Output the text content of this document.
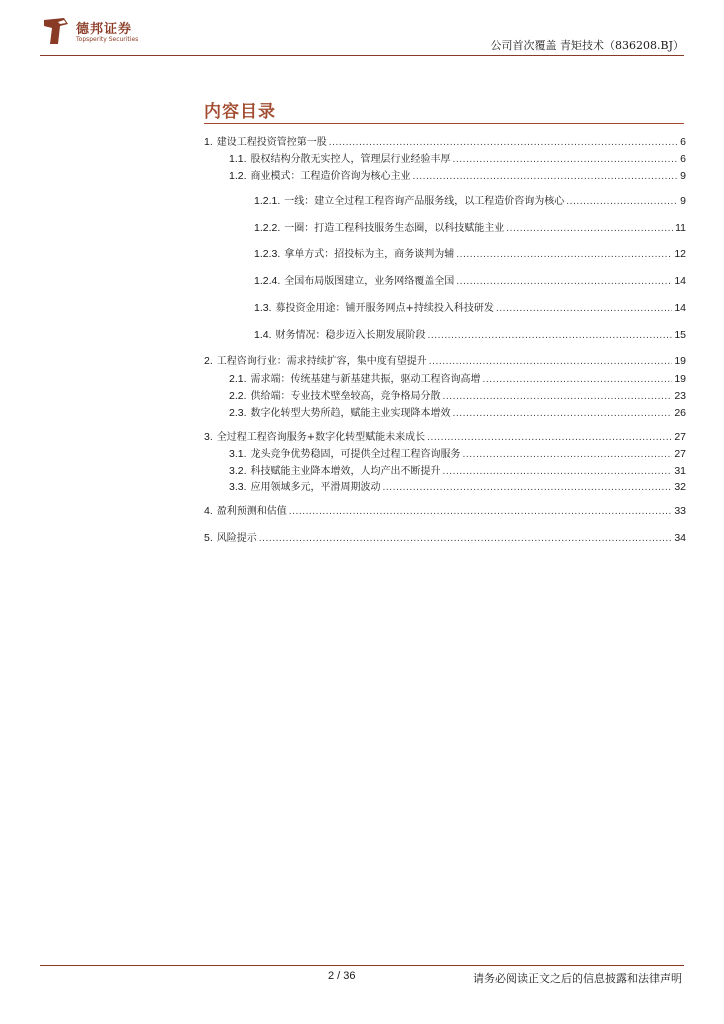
德邦证券
Topsperity Securities	公司首次覆盖 青矩技术（836208.BJ）
内容目录
1. 建设工程投资管控第一股 .....	6
1.1. 股权结构分散无实控人，管理层行业经验丰厚 .....	6
1.2. 商业模式：工程造价咨询为核心主业 .....	9
1.2.1. 一线：建立全过程工程咨询产品服务线，以工程造价咨询为核心 .....	9
1.2.2. 一圈：打造工程科技服务生态圈，以科技赋能主业 .....	11
1.2.3. 拿单方式：招投标为主，商务谈判为辅 .....	12
1.2.4. 全国布局版图建立，业务网络覆盖全国 .....	14
1.3. 募投资金用途：铺开服务网点+持续投入科技研发 .....	14
1.4. 财务情况：稳步迈入长期发展阶段 .....	15
2. 工程咨询行业：需求持续扩容，集中度有望提升 .....	19
2.1. 需求端：传统基建与新基建共振，驱动工程咨询高增 .....	19
2.2. 供给端：专业技术壁垒较高，竞争格局分散 .....	23
2.3. 数字化转型大势所趋，赋能主业实现降本增效 .....	26
3. 全过程工程咨询服务+数字化转型赋能未来成长 .....	27
3.1. 龙头竞争优势稳固，可提供全过程工程咨询服务 .....	27
3.2. 科技赋能主业降本增效，人均产出不断提升 .....	31
3.3. 应用领域多元，平滑周期波动 .....	32
4. 盈利预测和估值 .....	33
5. 风险提示 .....	34
2 / 36	请务必阅读正文之后的信息披露和法律声明
